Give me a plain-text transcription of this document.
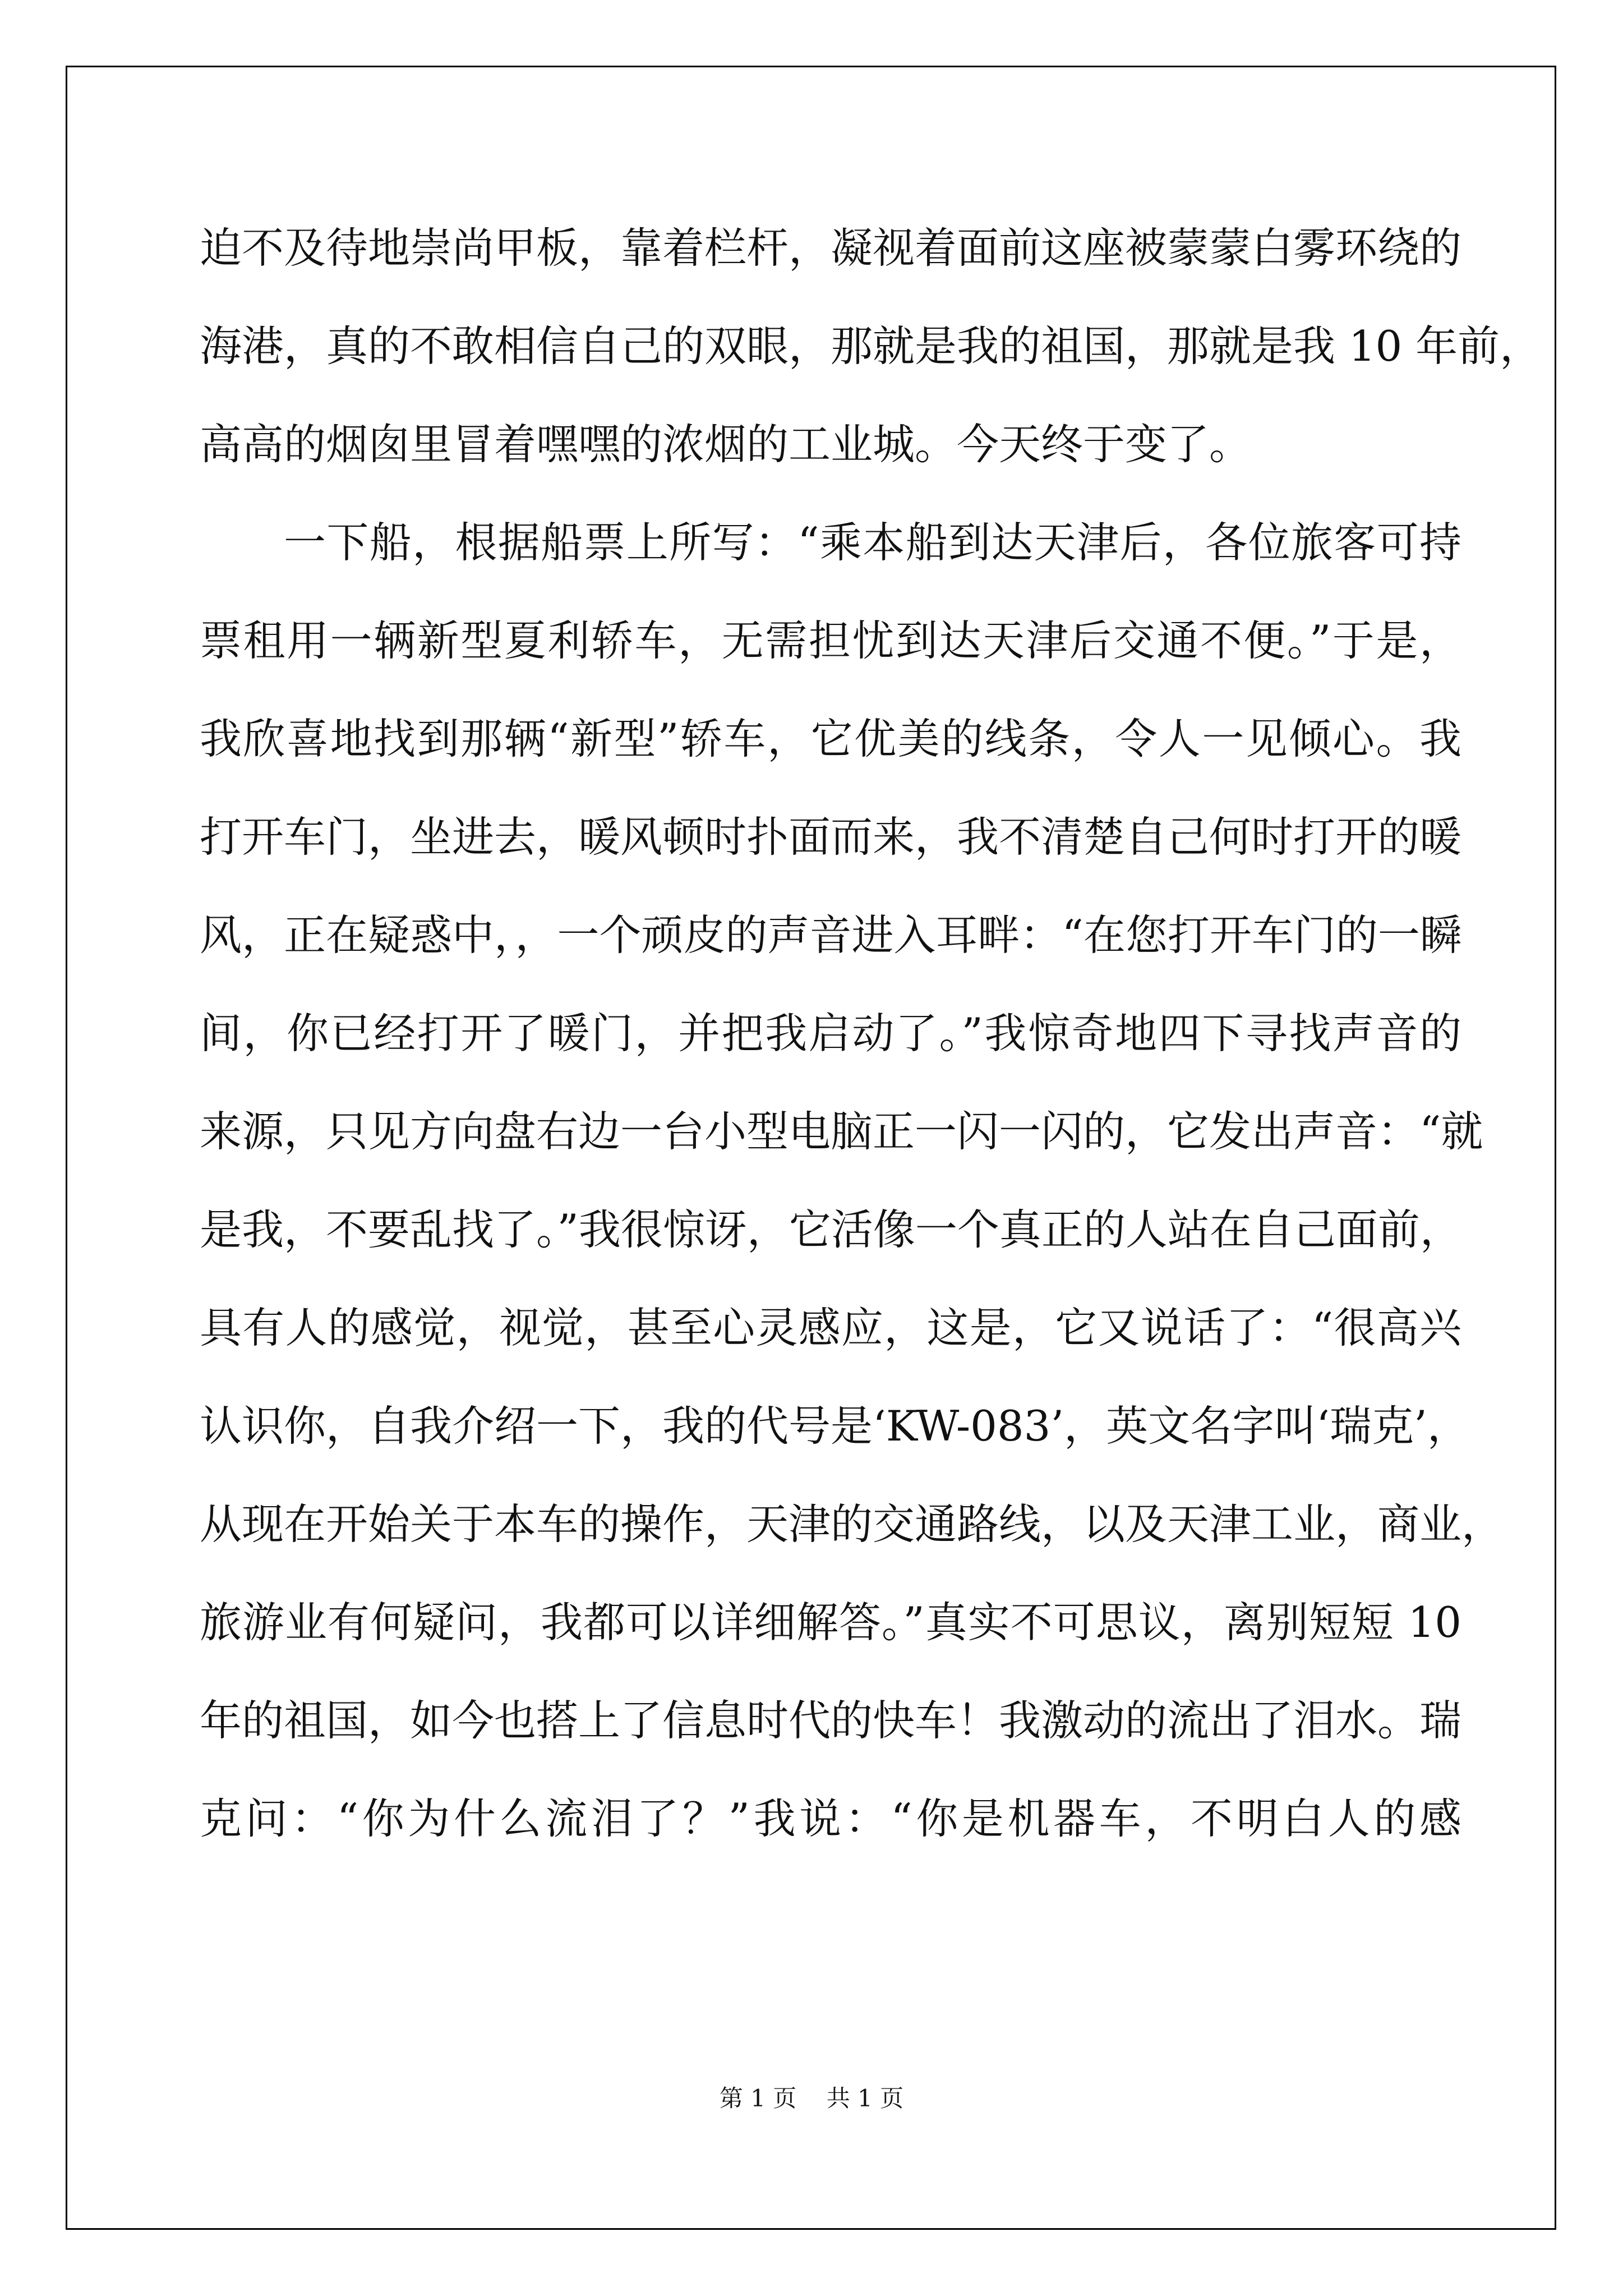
迫不及待地崇尚甲板，靠着栏杆，凝视着面前这座被蒙蒙白雾环绕的
海港，真的不敢相信自己的双眼，那就是我的祖国，那就是我 10 年前，
高高的烟囱里冒着嘿嘿的浓烟的工业城。今天终于变了。
一下船，根据船票上所写：“乘本船到达天津后，各位旅客可持
票租用一辆新型夏利轿车，无需担忧到达天津后交通不便。”于是，
我欣喜地找到那辆“新型”轿车，它优美的线条，令人一见倾心。我
打开车门，坐进去，暖风顿时扑面而来，我不清楚自己何时打开的暖
风，正在疑惑中，，一个顽皮的声音进入耳畔：“在您打开车门的一瞬
间，你已经打开了暖门，并把我启动了。”我惊奇地四下寻找声音的
来源，只见方向盘右边一台小型电脑正一闪一闪的，它发出声音：“就
是我，不要乱找了。”我很惊讶，它活像一个真正的人站在自己面前，
具有人的感觉，视觉，甚至心灵感应，这是，它又说话了：“很高兴
认识你，自我介绍一下，我的代号是‘KW-083’，英文名字叫‘瑞克’，
从现在开始关于本车的操作，天津的交通路线，以及天津工业，商业，
旅游业有何疑问，我都可以详细解答。”真实不可思议，离别短短 10
年的祖国，如今也搭上了信息时代的快车！我激动的流出了泪水。瑞
克问：“你为什么流泪了？”我说：“你是机器车，不明白人的感
第 1 页    共 1 页
